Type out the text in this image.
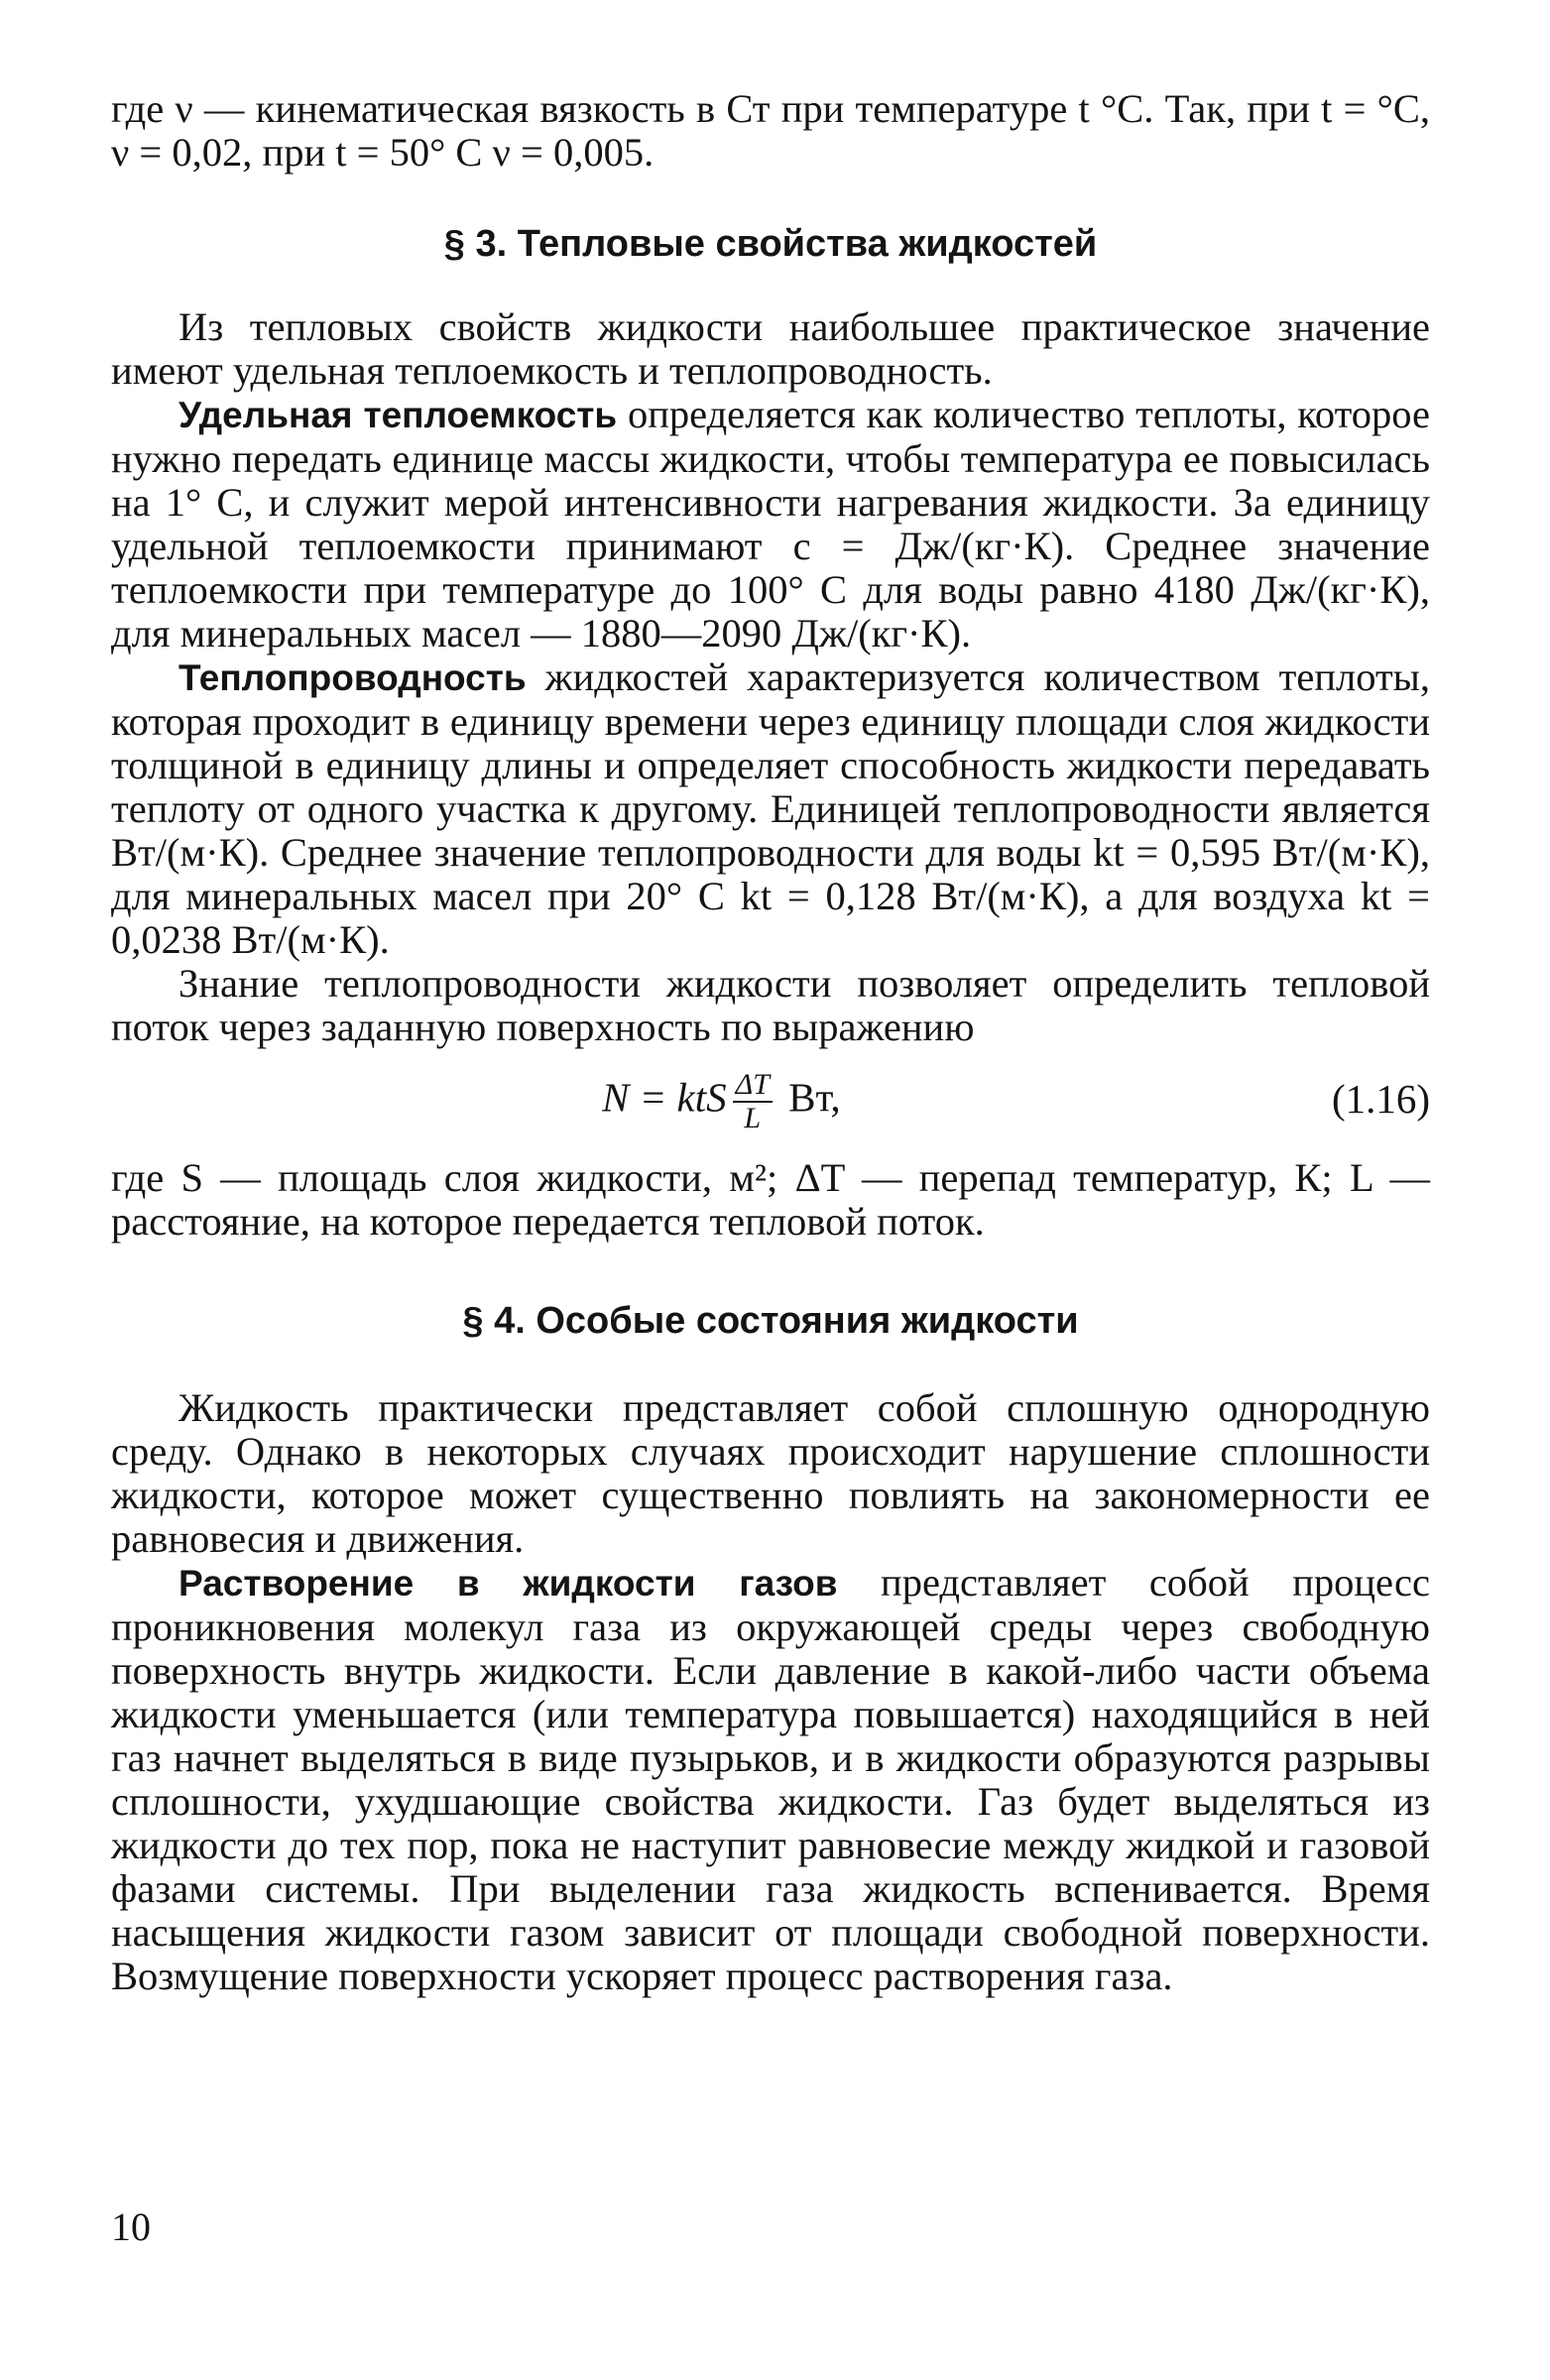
где ν — кинематическая вязкость в Ст при температуре t °С. Так, при t = °С, ν = 0,02, при t = 50° С ν = 0,005.

§ 3. Тепловые свойства жидкостей

Из тепловых свойств жидкости наибольшее практическое значение имеют удельная теплоемкость и теплопроводность.

Удельная теплоемкость определяется как количество теплоты, которое нужно передать единице массы жидкости, чтобы температура ее повысилась на 1° С, и служит мерой интенсивности нагревания жидкости. За единицу удельной теплоемкости принимают с = Дж/(кг·К). Среднее значение теплоемкости при температуре до 100° С для воды равно 4180 Дж/(кг·К), для минеральных масел — 1880—2090 Дж/(кг·К).

Теплопроводность жидкостей характеризуется количеством теплоты, которая проходит в единицу времени через единицу площади слоя жидкости толщиной в единицу длины и определяет способность жидкости передавать теплоту от одного участка к другому. Единицей теплопроводности является Вт/(м·К). Среднее значение теплопроводности для воды kt = 0,595 Вт/(м·К), для минеральных масел при 20° С kt = 0,128 Вт/(м·К), а для воздуха kt = 0,0238 Вт/(м·К).

Знание теплопроводности жидкости позволяет определить тепловой поток через заданную поверхность по выражению

N = ktS $\frac{\Delta T}{L}$ Вт,	(1.16)

где S — площадь слоя жидкости, м²; ΔT — перепад температур, К; L — расстояние, на которое передается тепловой поток.

§ 4. Особые состояния жидкости

Жидкость практически представляет собой сплошную однородную среду. Однако в некоторых случаях происходит нарушение сплошности жидкости, которое может существенно повлиять на закономерности ее равновесия и движения.

Растворение в жидкости газов представляет собой процесс проникновения молекул газа из окружающей среды через свободную поверхность внутрь жидкости. Если давление в какой-либо части объема жидкости уменьшается (или температура повышается) находящийся в ней газ начнет выделяться в виде пузырьков, и в жидкости образуются разрывы сплошности, ухудшающие свойства жидкости. Газ будет выделяться из жидкости до тех пор, пока не наступит равновесие между жидкой и газовой фазами системы. При выделении газа жидкость вспенивается. Время насыщения жидкости газом зависит от площади свободной поверхности. Возмущение поверхности ускоряет процесс растворения газа.

10
